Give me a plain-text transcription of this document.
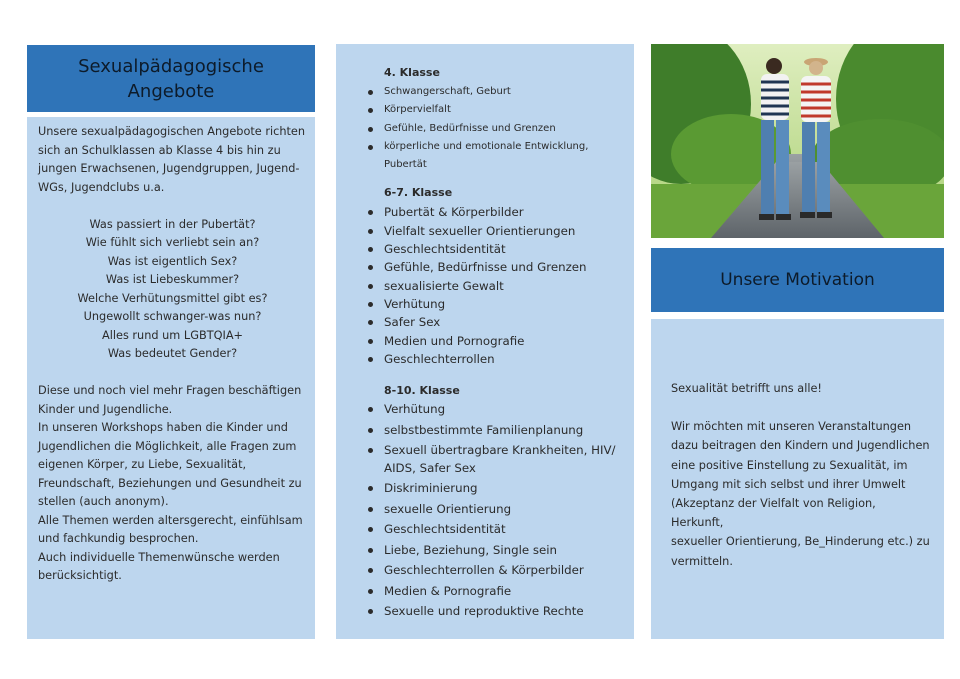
Sexualpädagogische
Angebote

Unsere sexualpädagogischen Angebote richten

sich an Schulklassen ab Klasse 4 bis hin zu

jungen Erwachsenen, Jugendgruppen, Jugend-

WGs, Jugendclubs u.a.

Was passiert in der Pubertät?

Wie fühlt sich verliebt sein an?

Was ist eigentlich Sex?

Was ist Liebeskummer?

Welche Verhütungsmittel gibt es?

Ungewollt schwanger-was nun?

Alles rund um LGBTQIA+

Was bedeutet Gender?

Diese und noch viel mehr Fragen beschäftigen

Kinder und Jugendliche.

In unseren Workshops haben die Kinder und

Jugendlichen die Möglichkeit, alle Fragen zum

eigenen Körper, zu Liebe, Sexualität,

Freundschaft, Beziehungen und Gesundheit zu

stellen (auch anonym).

Alle Themen werden altersgerecht, einfühlsam

und fachkundig besprochen.

Auch individuelle Themenwünsche werden

berücksichtigt.

4. Klasse
Schwangerschaft, Geburt
Körpervielfalt
Gefühle, Bedürfnisse und Grenzen
körperliche und emotionale Entwicklung, Pubertät
6-7. Klasse
Pubertät & Körperbilder
Vielfalt sexueller Orientierungen
Geschlechtsidentität
Gefühle, Bedürfnisse und Grenzen
sexualisierte Gewalt
Verhütung
Safer Sex
Medien und Pornografie
Geschlechterrollen
8-10. Klasse
Verhütung
selbstbestimmte Familienplanung
Sexuell übertragbare Krankheiten, HIV/ AIDS, Safer Sex
Diskriminierung
sexuelle Orientierung
Geschlechtsidentität
Liebe, Beziehung, Single sein
Geschlechterrollen & Körperbilder
Medien & Pornografie
Sexuelle und reproduktive Rechte
Unsere Motivation

Sexualität betrifft uns alle!

Wir möchten mit unseren Veranstaltungen

dazu beitragen den Kindern und Jugendlichen

eine positive Einstellung zu Sexualität, im

Umgang mit sich selbst und ihrer Umwelt

(Akzeptanz der Vielfalt von Religion, Herkunft,

sexueller Orientierung, Be_Hinderung etc.) zu

vermitteln.
